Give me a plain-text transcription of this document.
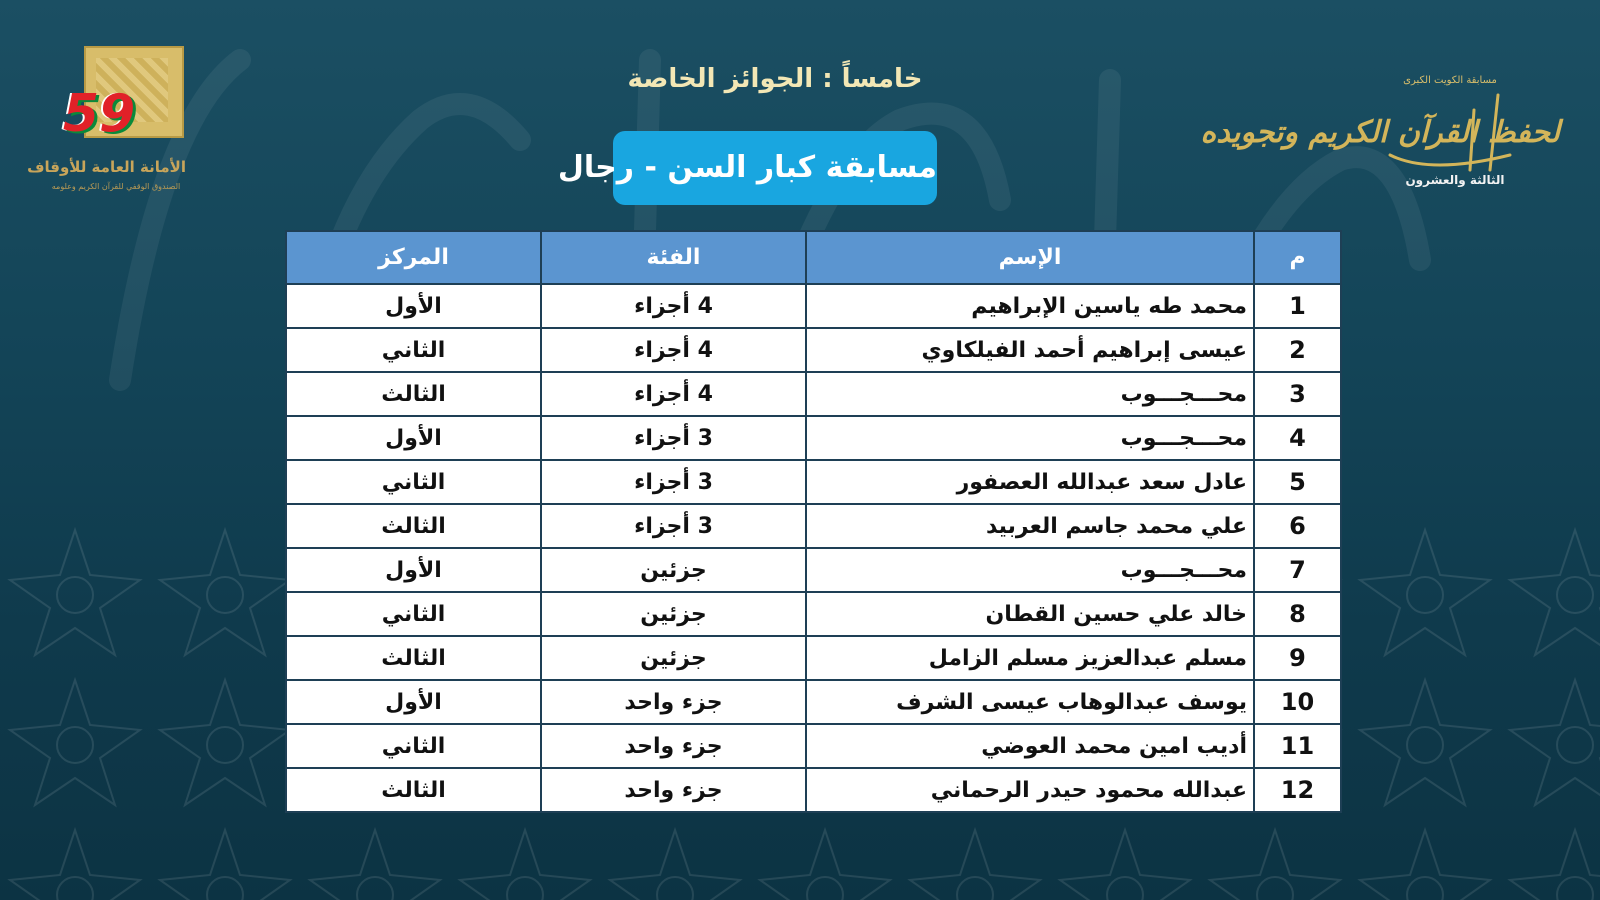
59
الأمانة العامة للأوقاف
الصندوق الوقفي للقرآن الكريم وعلومه
مسابقة الكويت الكبرى
لحفظ القرآن الكريم وتجويده
الثالثة والعشرون
خامساً : الجوائز الخاصة
مسابقة كبار السن - رجال
المركز	الفئة	الإسم	م
الأول	4 أجزاء	محمد طه ياسين الإبراهيم	1
الثاني	4 أجزاء	عيسى إبراهيم أحمد الفيلكاوي	2
الثالث	4 أجزاء	محـــجـــوب	3
الأول	3 أجزاء	محـــجـــوب	4
الثاني	3 أجزاء	عادل سعد عبدالله العصفور	5
الثالث	3 أجزاء	علي محمد جاسم العربيد	6
الأول	جزئين	محـــجـــوب	7
الثاني	جزئين	خالد علي حسين القطان	8
الثالث	جزئين	مسلم عبدالعزيز مسلم الزامل	9
الأول	جزء واحد	يوسف عبدالوهاب عيسى الشرف	10
الثاني	جزء واحد	أديب امين محمد العوضي	11
الثالث	جزء واحد	عبدالله محمود حيدر الرحماني	12
